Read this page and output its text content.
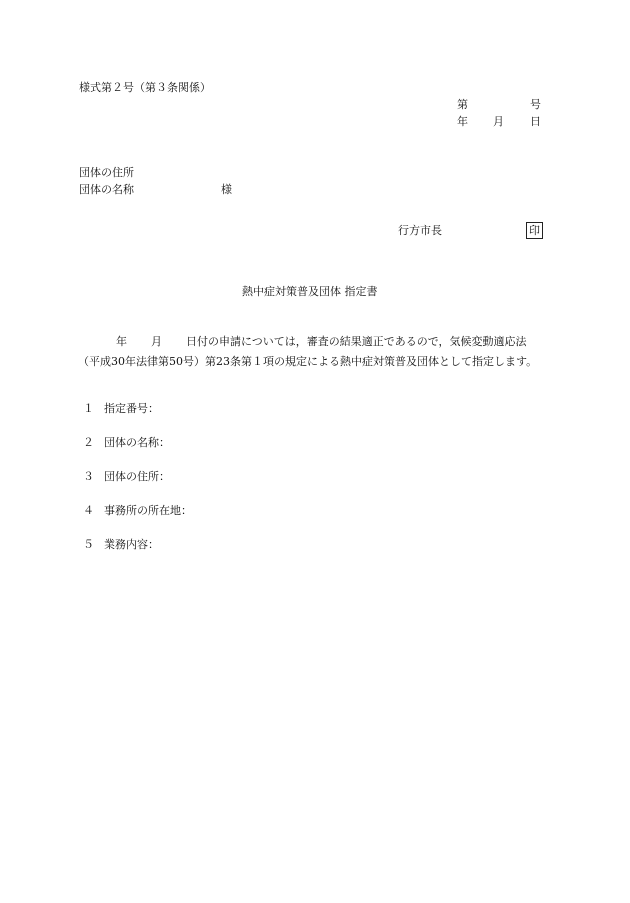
様式第２号（第３条関係）
第	号
年 月 日
団体の住所
団体の名称	様
行方市長	印
熱中症対策普及団体 指定書

年 月 日付の申請については，審査の結果適正であるので，気候変動適応法

（平成30年法律第50号）第23条第１項の規定による熱中症対策普及団体として指定します。

１ 指定番号：
２ 団体の名称：
３ 団体の住所：
４ 事務所の所在地：
５ 業務内容：
